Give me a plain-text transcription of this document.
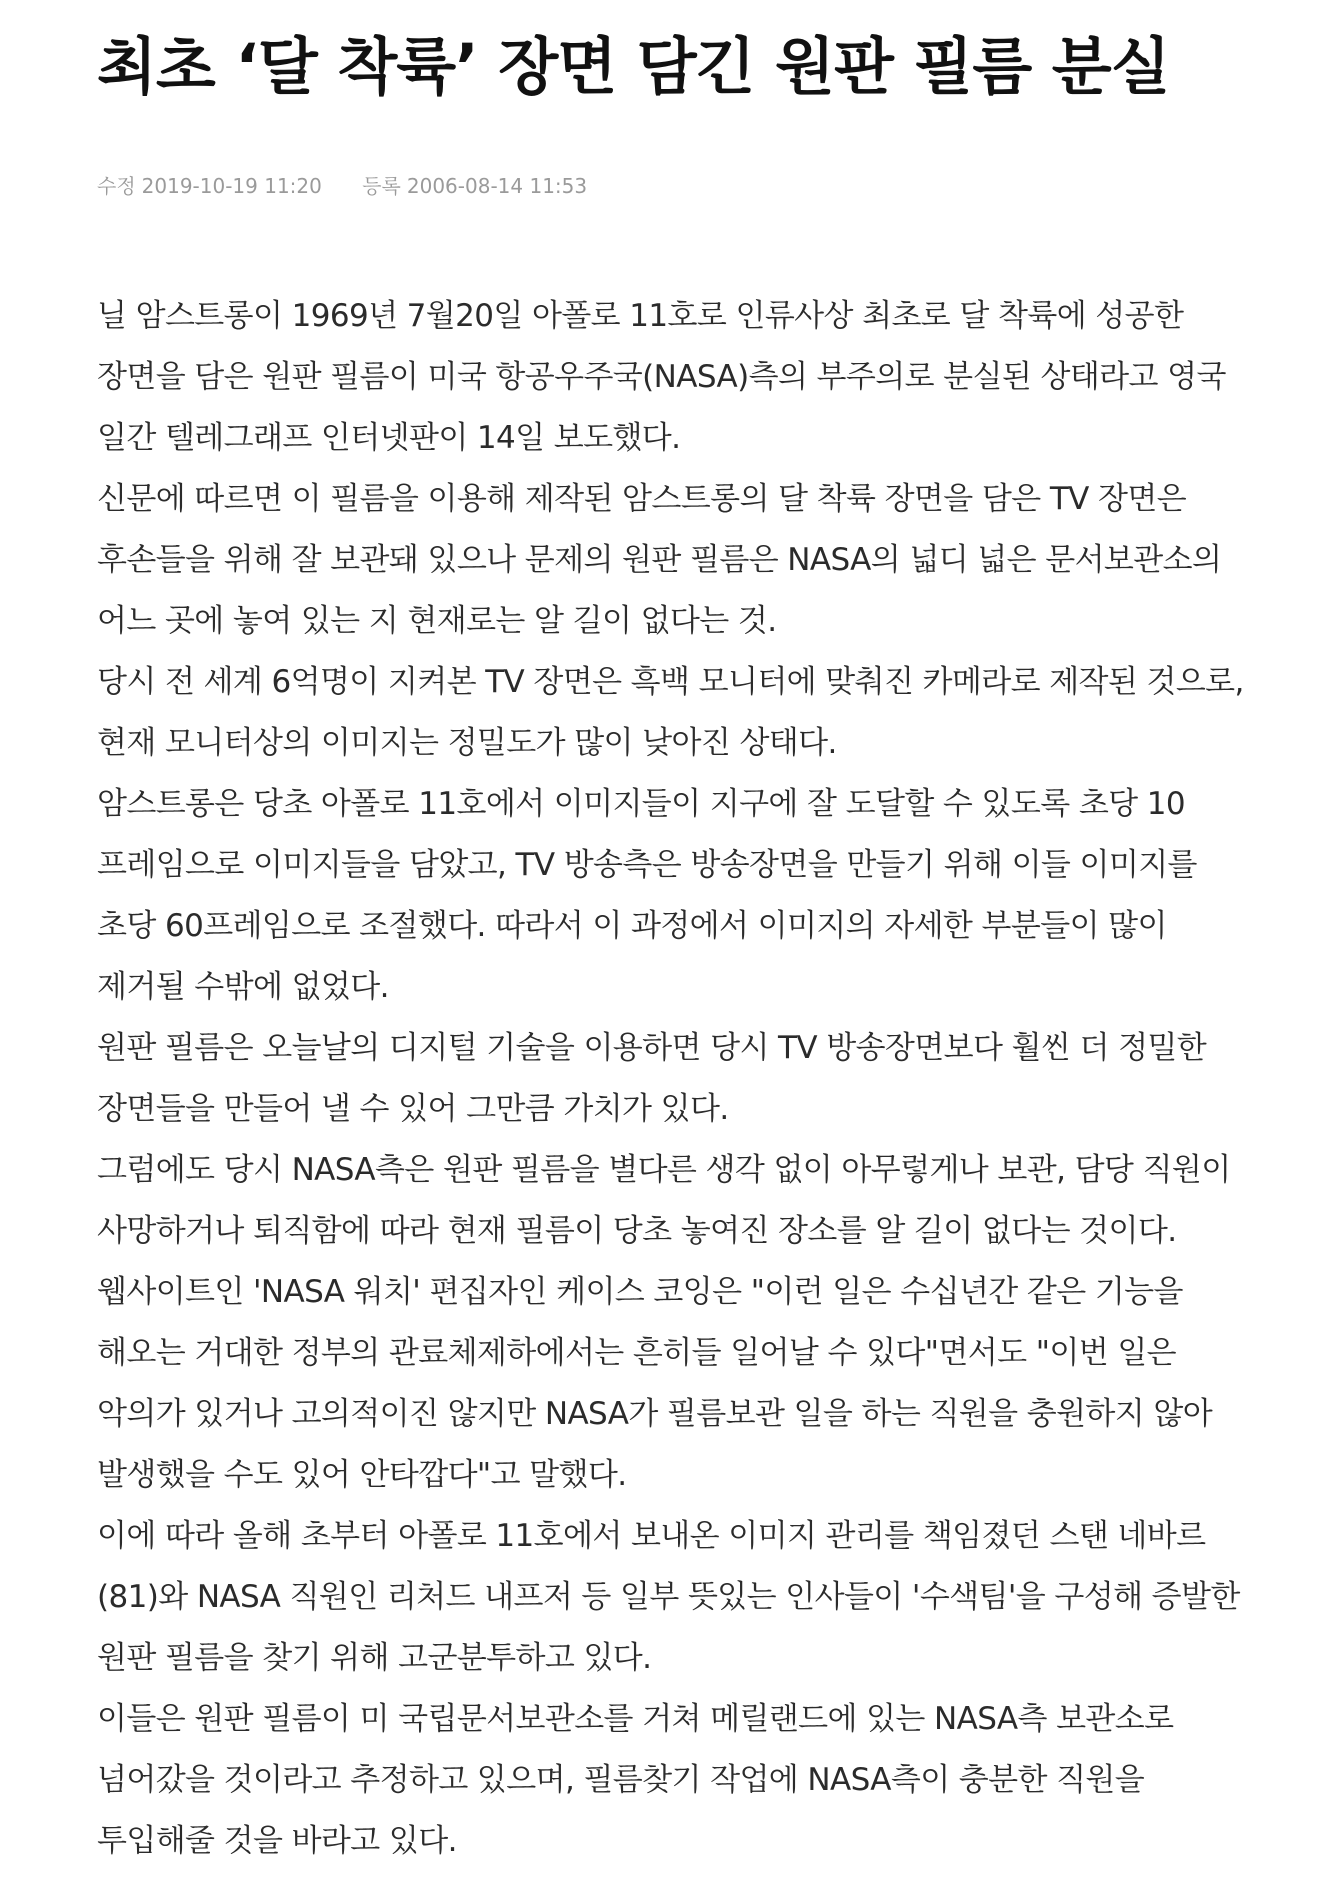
최초 ‘달 착륙’ 장면 담긴 원판 필름 분실
수정 2019-10-19 11:20 등록 2006-08-14 11:53

닐 암스트롱이 1969년 7월20일 아폴로 11호로 인류사상 최초로 달 착륙에 성공한 장면을 담은 원판 필름이 미국 항공우주국(NASA)측의 부주의로 분실된 상태라고 영국 일간 텔레그래프 인터넷판이 14일 보도했다.

신문에 따르면 이 필름을 이용해 제작된 암스트롱의 달 착륙 장면을 담은 TV 장면은 후손들을 위해 잘 보관돼 있으나 문제의 원판 필름은 NASA의 넓디 넓은 문서보관소의 어느 곳에 놓여 있는 지 현재로는 알 길이 없다는 것.

당시 전 세계 6억명이 지켜본 TV 장면은 흑백 모니터에 맞춰진 카메라로 제작된 것으로, 현재 모니터상의 이미지는 정밀도가 많이 낮아진 상태다.

암스트롱은 당초 아폴로 11호에서 이미지들이 지구에 잘 도달할 수 있도록 초당 10 프레임으로 이미지들을 담았고, TV 방송측은 방송장면을 만들기 위해 이들 이미지를 초당 60프레임으로 조절했다. 따라서 이 과정에서 이미지의 자세한 부분들이 많이 제거될 수밖에 없었다.

원판 필름은 오늘날의 디지털 기술을 이용하면 당시 TV 방송장면보다 훨씬 더 정밀한 장면들을 만들어 낼 수 있어 그만큼 가치가 있다.

그럼에도 당시 NASA측은 원판 필름을 별다른 생각 없이 아무렇게나 보관, 담당 직원이 사망하거나 퇴직함에 따라 현재 필름이 당초 놓여진 장소를 알 길이 없다는 것이다.

웹사이트인 'NASA 워치' 편집자인 케이스 코잉은 "이런 일은 수십년간 같은 기능을 해오는 거대한 정부의 관료체제하에서는 흔히들 일어날 수 있다"면서도 "이번 일은 악의가 있거나 고의적이진 않지만 NASA가 필름보관 일을 하는 직원을 충원하지 않아 발생했을 수도 있어 안타깝다"고 말했다.

이에 따라 올해 초부터 아폴로 11호에서 보내온 이미지 관리를 책임졌던 스탠 네바르(81)와 NASA 직원인 리처드 내프저 등 일부 뜻있는 인사들이 '수색팀'을 구성해 증발한 원판 필름을 찾기 위해 고군분투하고 있다.

이들은 원판 필름이 미 국립문서보관소를 거쳐 메릴랜드에 있는 NASA측 보관소로 넘어갔을 것이라고 추정하고 있으며, 필름찾기 작업에 NASA측이 충분한 직원을 투입해줄 것을 바라고 있다.
